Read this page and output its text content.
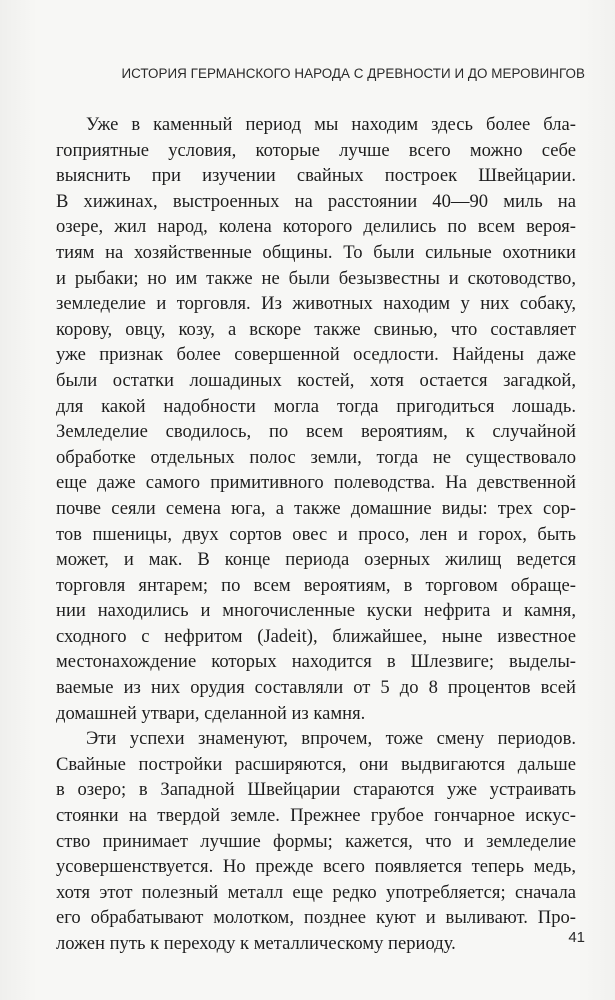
ИСТОРИЯ ГЕРМАНСКОГО НАРОДА С ДРЕВНОСТИ И ДО МЕРОВИНГОВ
Уже в каменный период мы находим здесь более бла-
гоприятные условия, которые лучше всего можно себе
выяснить при изучении свайных построек Швейцарии.
В хижинах, выстроенных на расстоянии 40—90 миль на
озере, жил народ, колена которого делились по всем вероя-
тиям на хозяйственные общины. То были сильные охотники
и рыбаки; но им также не были безызвестны и скотоводство,
земледелие и торговля. Из животных находим у них собаку,
корову, овцу, козу, а вскоре также свинью, что составляет
уже признак более совершенной оседлости. Найдены даже
были остатки лошадиных костей, хотя остается загадкой,
для какой надобности могла тогда пригодиться лошадь.
Земледелие сводилось, по всем вероятиям, к случайной
обработке отдельных полос земли, тогда не существовало
еще даже самого примитивного полеводства. На девственной
почве сеяли семена юга, а также домашние виды: трех сор-
тов пшеницы, двух сортов овес и просо, лен и горох, быть
может, и мак. В конце периода озерных жилищ ведется
торговля янтарем; по всем вероятиям, в торговом обраще-
нии находились и многочисленные куски нефрита и камня,
сходного с нефритом (Jadeit), ближайшее, ныне известное
местонахождение которых находится в Шлезвиге; выделы-
ваемые из них орудия составляли от 5 до 8 процентов всей
домашней утвари, сделанной из камня.
Эти успехи знаменуют, впрочем, тоже смену периодов.
Свайные постройки расширяются, они выдвигаются дальше
в озеро; в Западной Швейцарии стараются уже устраивать
стоянки на твердой земле. Прежнее грубое гончарное искус-
ство принимает лучшие формы; кажется, что и земледелие
усовершенствуется. Но прежде всего появляется теперь медь,
хотя этот полезный металл еще редко употребляется; сначала
его обрабатывают молотком, позднее куют и выливают. Про-
ложен путь к переходу к металлическому периоду.	41
